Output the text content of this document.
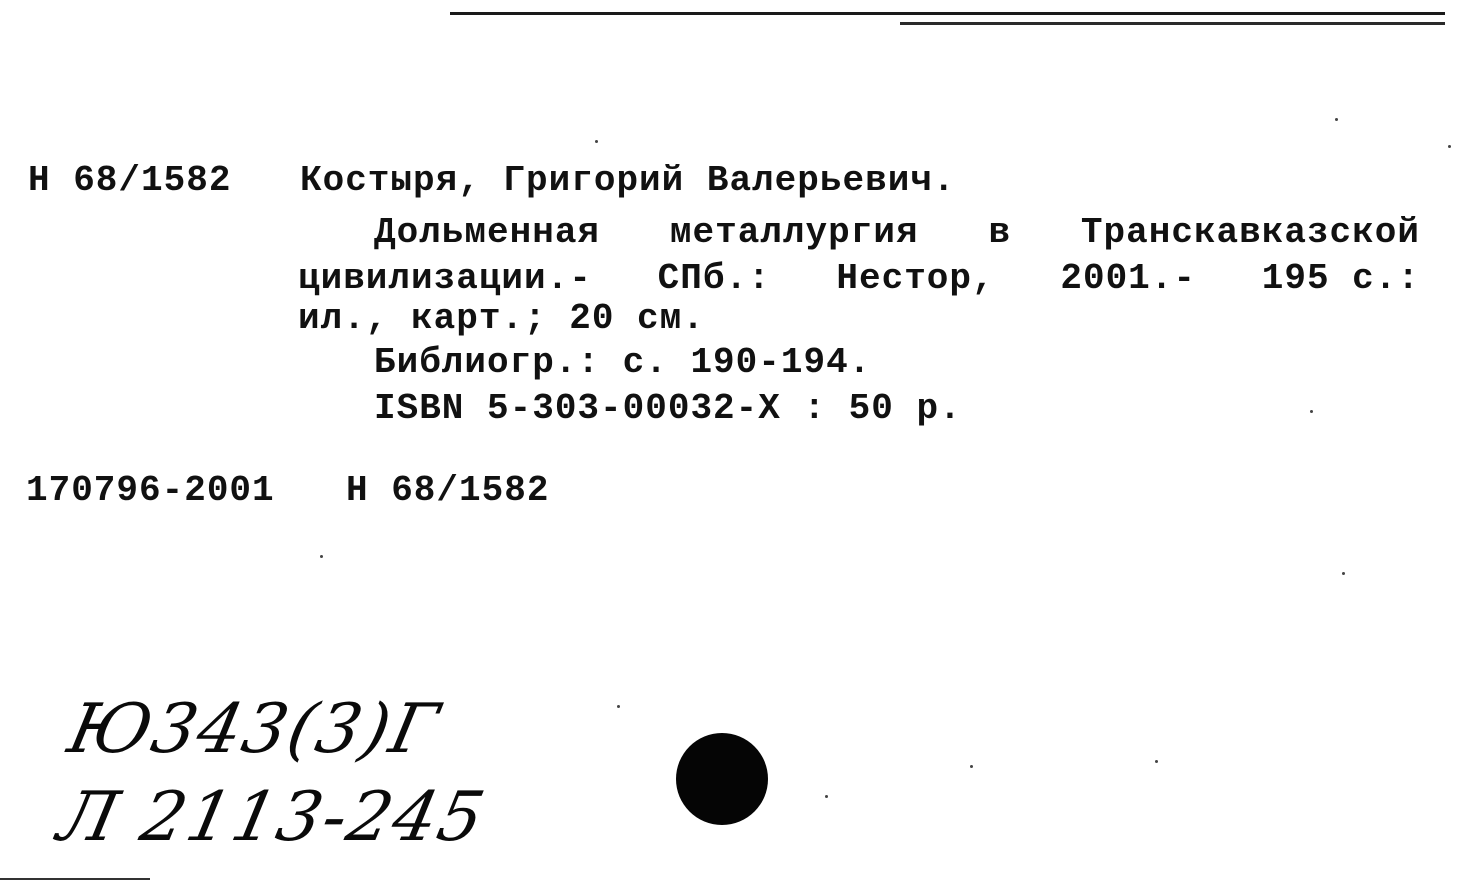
Н 68/1582 Костыря, Григорий Валерьевич.
Дольменная металлургия в Транскавказской
цивилизации.- СПб.: Нестор, 2001.- 195 с.:
ил., карт.; 20 см.
Библиогр.: с. 190-194.
ISBN 5-303-00032-X : 50 р.
170796-2001 Н 68/1582
Ю343(3)Г
Л 2113-245
